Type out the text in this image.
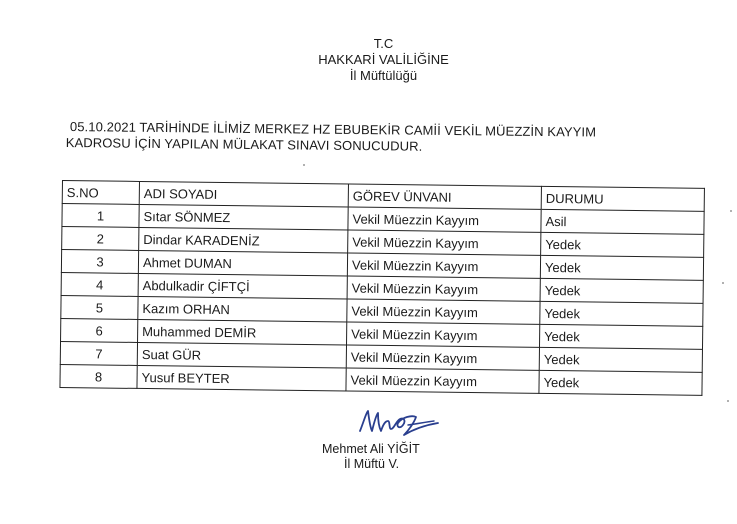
T.C
HAKKARİ VALİLİĞİNE
İl Müftülüğü
05.10.2021 TARİHİNDE İLİMİZ MERKEZ HZ EBUBEKİR CAMİİ VEKİL MÜEZZİN KAYYIM
KADROSU İÇİN YAPILAN MÜLAKAT SINAVI SONUCUDUR.
S.NO	ADI SOYADI	GÖREV ÜNVANI	DURUMU
1	Sıtar SÖNMEZ	Vekil Müezzin Kayyım	Asil
2	Dindar KARADENİZ	Vekil Müezzin Kayyım	Yedek
3	Ahmet DUMAN	Vekil Müezzin Kayyım	Yedek
4	Abdulkadir ÇİFTÇİ	Vekil Müezzin Kayyım	Yedek
5	Kazım ORHAN	Vekil Müezzin Kayyım	Yedek
6	Muhammed DEMİR	Vekil Müezzin Kayyım	Yedek
7	Suat GÜR	Vekil Müezzin Kayyım	Yedek
8	Yusuf BEYTER	Vekil Müezzin Kayyım	Yedek
Mehmet Ali YİĞİT
İl Müftü V.
